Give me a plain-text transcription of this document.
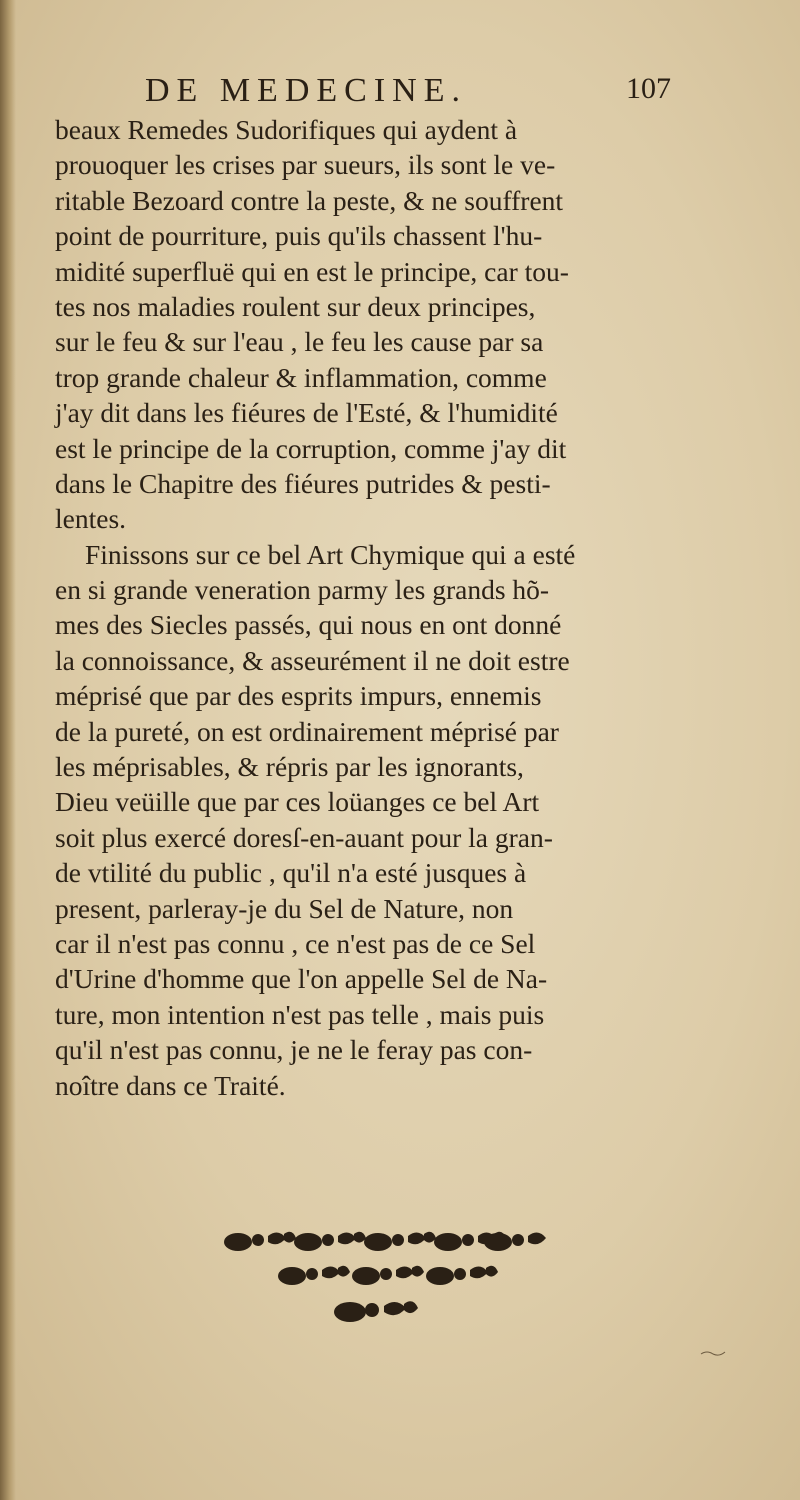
DE MEDECINE.	107
beaux Remedes Sudorifiques qui aydent à
prouoquer les crises par sueurs, ils sont le ve-
ritable Bezoard contre la peste, & ne souffrent
point de pourriture, puis qu'ils chassent l'hu-
midité superfluë qui en est le principe, car tou-
tes nos maladies roulent sur deux principes,
sur le feu & sur l'eau , le feu les cause par sa
trop grande chaleur & inflammation, comme
j'ay dit dans les fiéures de l'Esté, & l'humidité
est le principe de la corruption, comme j'ay dit
dans le Chapitre des fiéures putrides & pesti-
lentes.
Finissons sur ce bel Art Chymique qui a esté
en si grande veneration parmy les grands hõ-
mes des Siecles passés, qui nous en ont donné
la connoissance, & asseurément il ne doit estre
méprisé que par des esprits impurs, ennemis
de la pureté, on est ordinairement méprisé par
les méprisables, & répris par les ignorants,
Dieu veüille que par ces loüanges ce bel Art
soit plus exercé doresſ-en-auant pour la gran-
de vtilité du public , qu'il n'a esté jusques à
present, parleray-je du Sel de Nature, non
car il n'est pas connu , ce n'est pas de ce Sel
d'Urine d'homme que l'on appelle Sel de Na-
ture, mon intention n'est pas telle , mais puis
qu'il n'est pas connu, je ne le feray pas con-
noître dans ce Traité.
